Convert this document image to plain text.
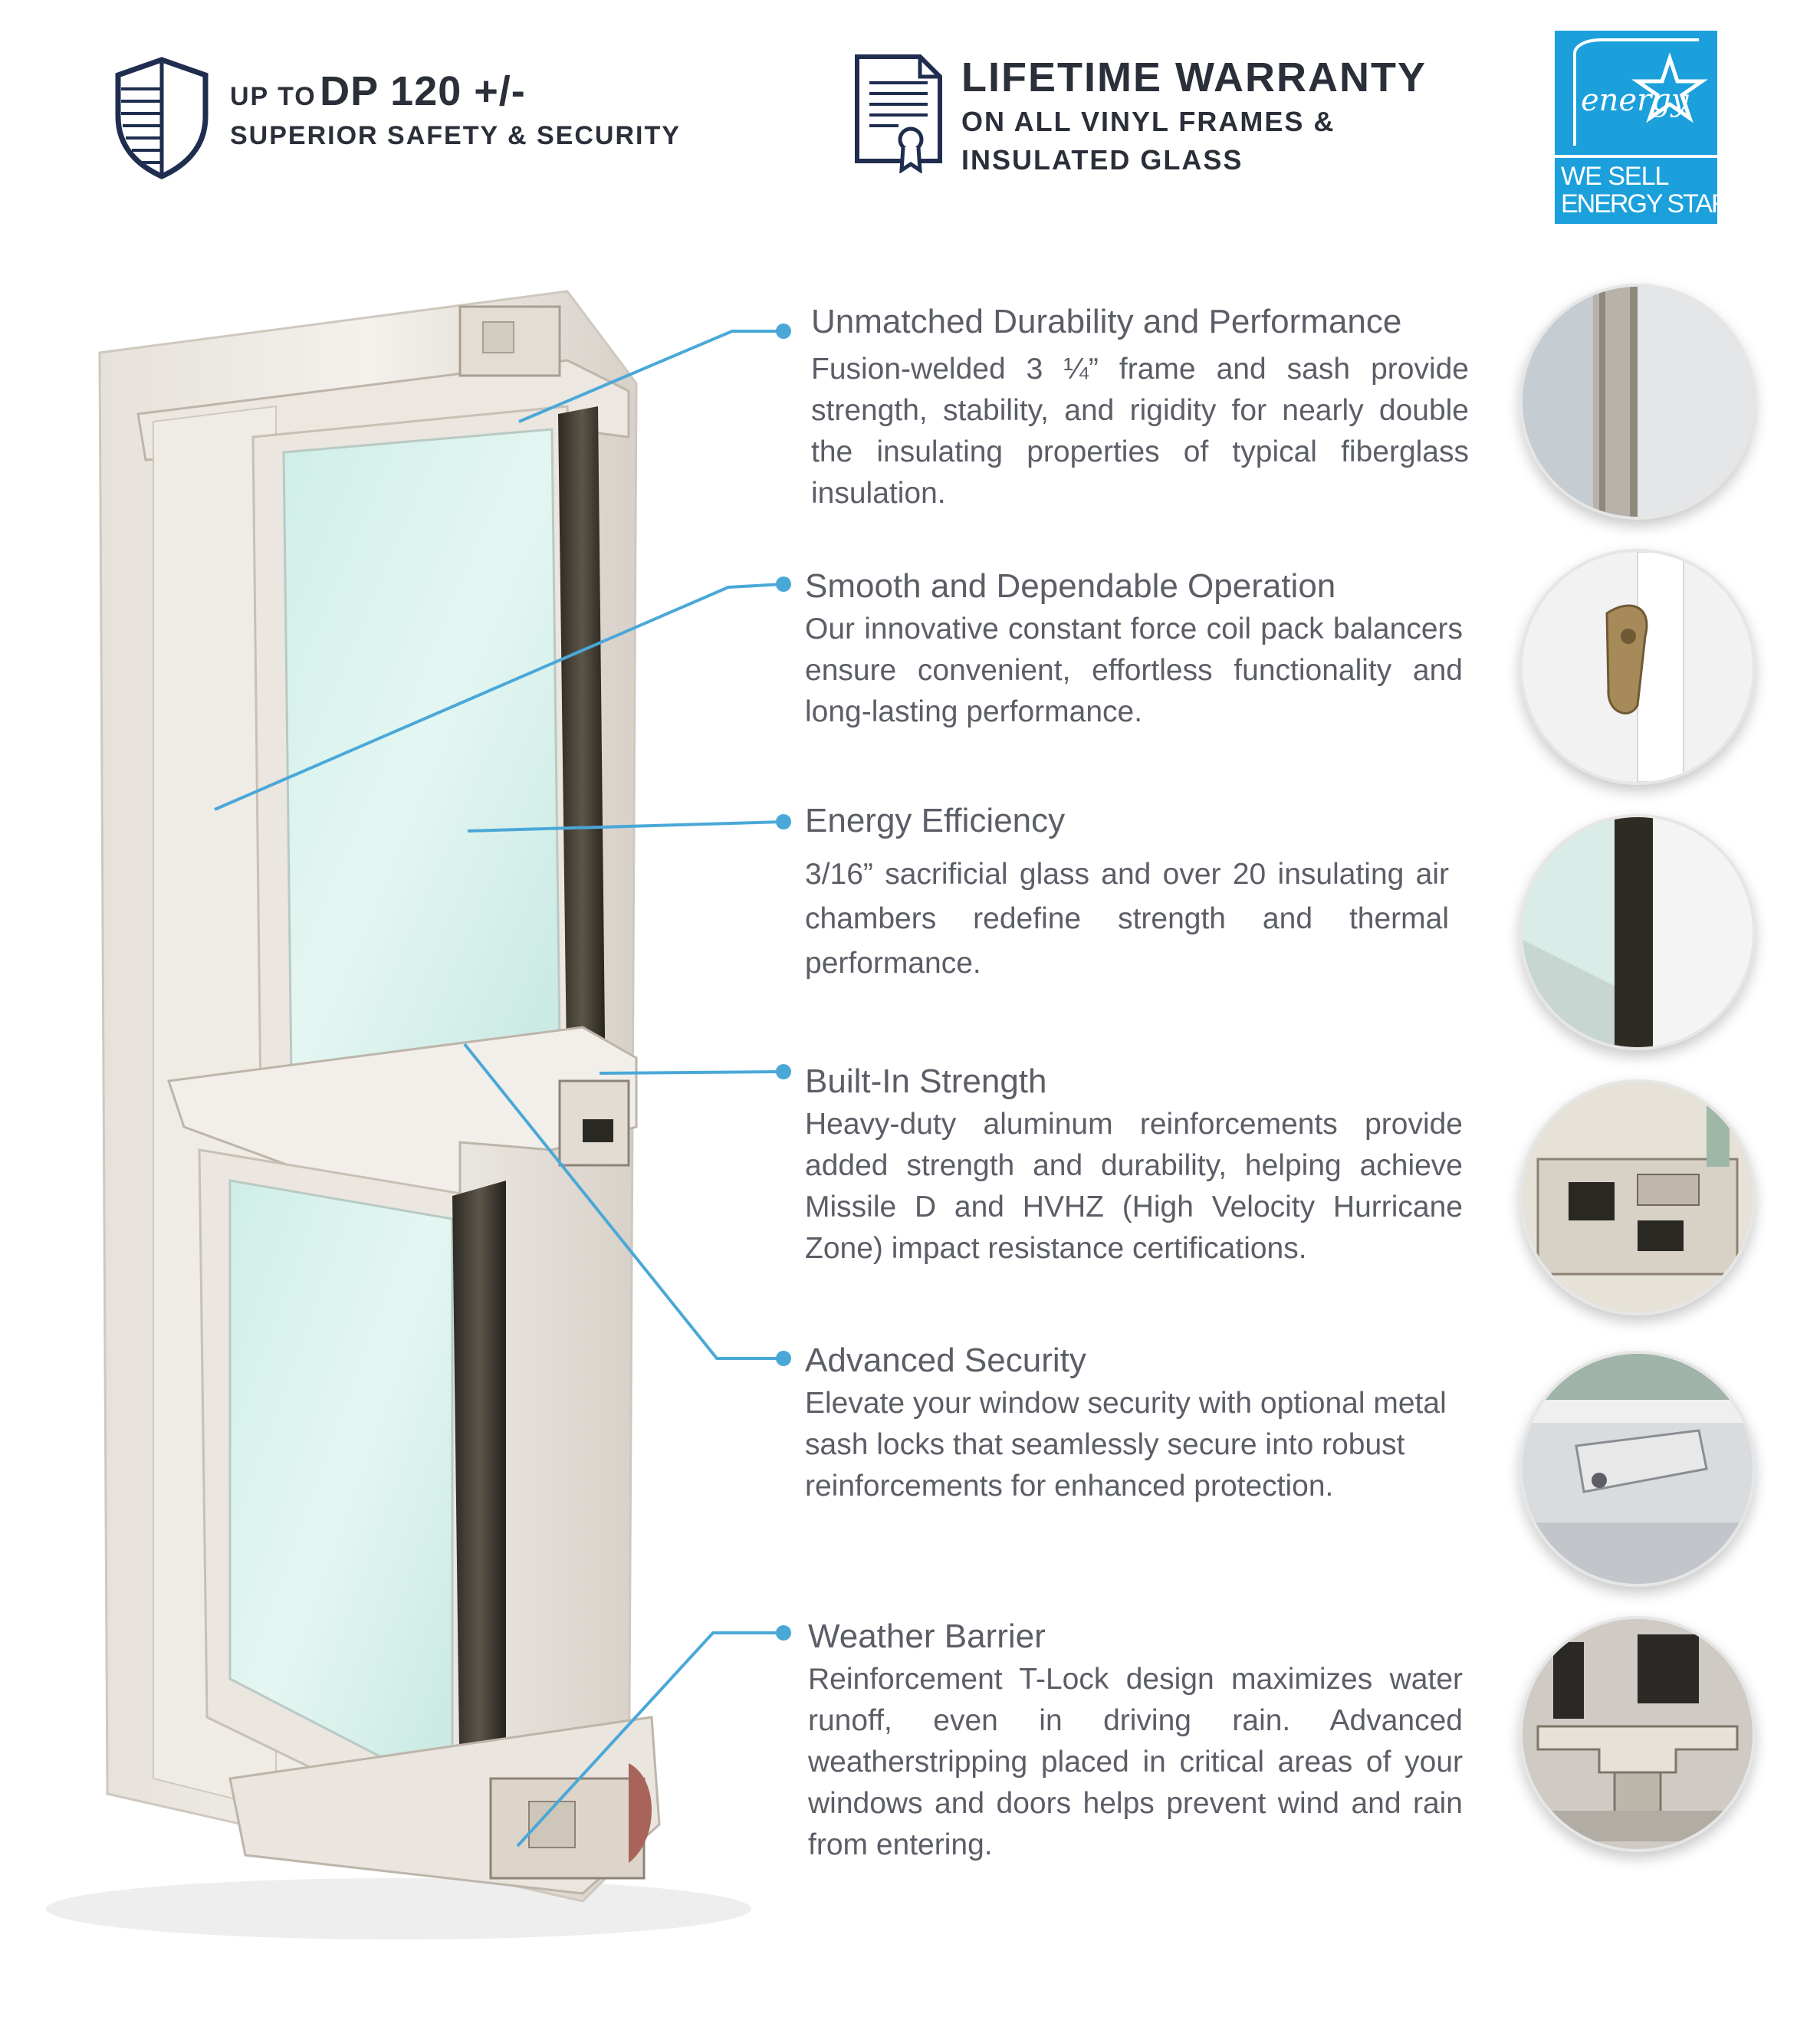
UP TO DP 120 +/-
SUPERIOR SAFETY & SECURITY
LIFETIME WARRANTY
ON ALL VINYL FRAMES &
INSULATED GLASS
energy
WE SELL
ENERGY STAR
Unmatched Durability and Performance
Fusion-welded 3 ¼” frame and sash provide strength, stability, and rigidity for nearly double the insulating properties of typical fiberglass insulation.
Smooth and Dependable Operation
Our innovative constant force coil pack balancers ensure convenient, effortless functionality and long-lasting performance.
Energy Efficiency
3/16” sacrificial glass and over 20 insulating air chambers redefine strength and thermal performance.
Built-In Strength
Heavy-duty aluminum reinforcements provide added strength and durability, helping achieve Missile D and HVHZ (High Velocity Hurricane Zone) impact resistance certifications.
Advanced Security
Elevate your window security with optional metal sash locks that seamlessly secure into robust reinforcements for enhanced protection.
Weather Barrier
Reinforcement T-Lock design maximizes water runoff, even in driving rain. Advanced weatherstripping placed in critical areas of your windows and doors helps prevent wind and rain from entering.
